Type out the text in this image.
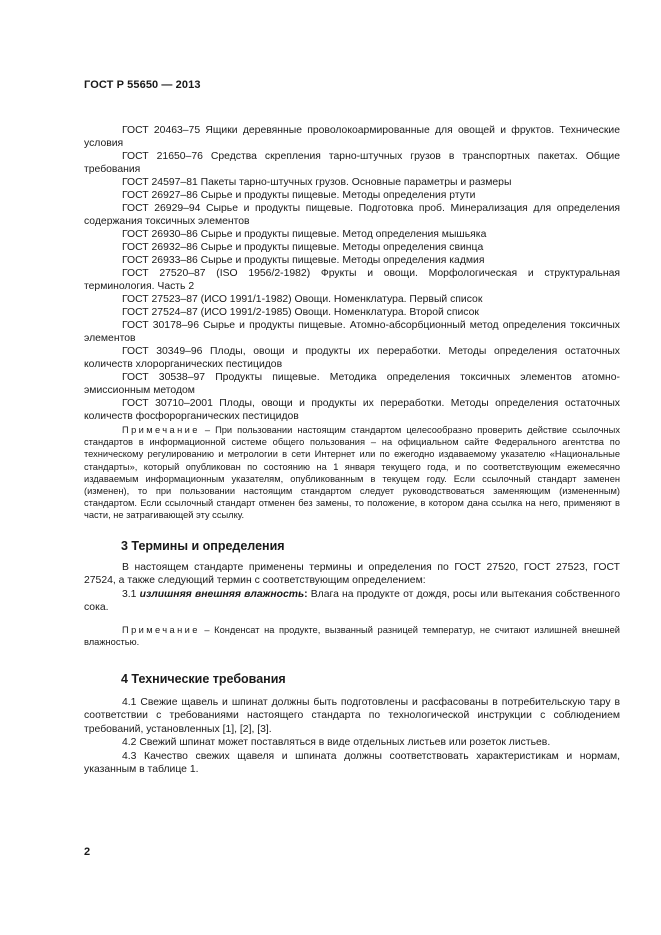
ГОСТ Р 55650 — 2013

ГОСТ 20463–75 Ящики деревянные проволокоармированные для овощей и фруктов. Технические условия

ГОСТ 21650–76 Средства скрепления тарно-штучных грузов в транспортных пакетах. Общие требования

ГОСТ 24597–81 Пакеты тарно-штучных грузов. Основные параметры и размеры

ГОСТ 26927–86 Сырье и продукты пищевые. Методы определения ртути

ГОСТ 26929–94 Сырье и продукты пищевые. Подготовка проб. Минерализация для определения содержания токсичных элементов

ГОСТ 26930–86 Сырье и продукты пищевые. Метод определения мышьяка

ГОСТ 26932–86 Сырье и продукты пищевые. Методы определения свинца

ГОСТ 26933–86 Сырье и продукты пищевые. Методы определения кадмия

ГОСТ 27520–87 (ISO 1956/2-1982) Фрукты и овощи. Морфологическая и структуральная терминология. Часть 2

ГОСТ 27523–87 (ИСО 1991/1-1982) Овощи. Номенклатура. Первый список

ГОСТ 27524–87 (ИСО 1991/2-1985) Овощи. Номенклатура. Второй список

ГОСТ 30178–96 Сырье и продукты пищевые. Атомно-абсорбционный метод определения токсичных элементов

ГОСТ 30349–96 Плоды, овощи и продукты их переработки. Методы определения остаточных количеств хлорорганических пестицидов

ГОСТ 30538–97 Продукты пищевые. Методика определения токсичных элементов атомно-эмиссионным методом

ГОСТ 30710–2001 Плоды, овощи и продукты их переработки. Методы определения остаточных количеств фосфорорганических пестицидов

Примечание – При пользовании настоящим стандартом целесообразно проверить действие ссылочных стандартов в информационной системе общего пользования – на официальном сайте Федерального агентства по техническому регулированию и метрологии в сети Интернет или по ежегодно издаваемому указателю «Национальные стандарты», который опубликован по состоянию на 1 января текущего года, и по соответствующим ежемесячно издаваемым информационным указателям, опубликованным в текущем году. Если ссылочный стандарт заменен (изменен), то при пользовании настоящим стандартом следует руководствоваться заменяющим (измененным) стандартом. Если ссылочный стандарт отменен без замены, то положение, в котором дана ссылка на него, применяют в части, не затрагивающей эту ссылку.

3 Термины и определения

В настоящем стандарте применены термины и определения по ГОСТ 27520, ГОСТ 27523, ГОСТ 27524, а также следующий термин с соответствующим определением:

3.1 излишняя внешняя влажность: Влага на продукте от дождя, росы или вытекания собственного сока.

Примечание – Конденсат на продукте, вызванный разницей температур, не считают излишней внешней влажностью.

4 Технические требования

4.1 Свежие щавель и шпинат должны быть подготовлены и расфасованы в потребительскую тару в соответствии с требованиями настоящего стандарта по технологической инструкции с соблюдением требований, установленных [1], [2], [3].

4.2 Свежий шпинат может поставляться в виде отдельных листьев или розеток листьев.

4.3 Качество свежих щавеля и шпината должны соответствовать характеристикам и нормам, указанным в таблице 1.

2
